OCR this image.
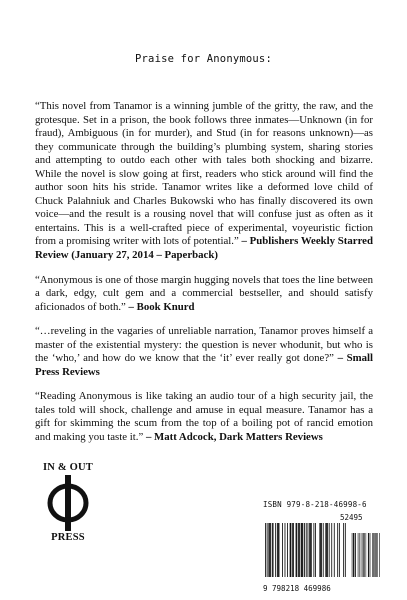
Praise for Anonymous:

“This novel from Tanamor is a winning jumble of the gritty, the raw, and the grotesque. Set in a prison, the book follows three inmates—Unknown (in for fraud), Ambiguous (in for murder), and Stud (in for reasons unknown)—as they communicate through the building’s plumbing system, sharing stories and attempting to outdo each other with tales both shocking and bizarre. While the novel is slow going at first, readers who stick around will find the author soon hits his stride. Tanamor writes like a deformed love child of Chuck Palahniuk and Charles Bukowski who has finally discovered its own voice—and the result is a rousing novel that will confuse just as often as it entertains. This is a well-crafted piece of experimental, voyeuristic fiction from a promising writer with lots of potential.” – Publishers Weekly Starred Review (January 27, 2014 – Paperback)

“Anonymous is one of those margin hugging novels that toes the line between a dark, edgy, cult gem and a commercial bestseller, and should satisfy aficionados of both.” – Book Knurd

“…reveling in the vagaries of unreliable narration, Tanamor proves himself a master of the existential mystery: the question is never whodunit, but who is the ‘who,’ and how do we know that the ‘it’ ever really got done?” – Small Press Reviews

“Reading Anonymous is like taking an audio tour of a high security jail, the tales told will shock, challenge and amuse in equal measure. Tanamor has a gift for skimming the scum from the top of a boiling pot of rancid emotion and making you taste it.” – Matt Adcock, Dark Matters Reviews

IN & OUT
PRESS
ISBN 979-8-218-46998-6
9 798218 469986
52495
